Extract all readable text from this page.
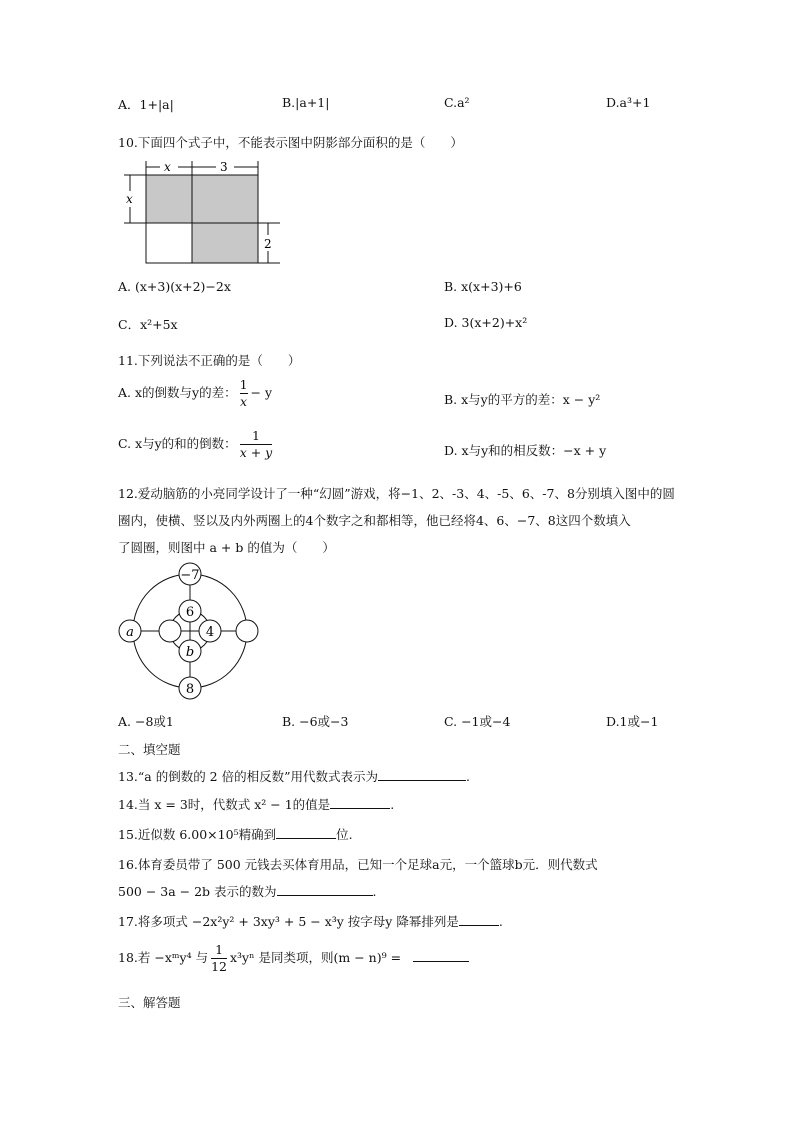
A．1+|a|	B.|a+1|	C.a²	D.a³+1
10.下面四个式子中，不能表示图中阴影部分面积的是（　　）
x	3
x
2
A. (x+3)(x+2)−2x	B. x(x+3)+6
C．x²+5x	D. 3(x+2)+x²
11.下列说法不正确的是（　　）
A. x的倒数与y的差： $\frac{1}{x} - y$	B. x与y的平方的差：x − y²
C. x与y的和的倒数： $\frac{1}{x + y}$	D. x与y和的相反数：−x + y
12.爱动脑筋的小亮同学设计了一种“幻圆”游戏，将−1、2、-3、4、-5、6、-7、8分别填入图中的圆
圈内，使横、竖以及内外两圈上的4个数字之和都相等，他已经将4、6、−7、8这四个数填入
了圆圈，则图中 a + b 的值为（　　）
−7
6
4
a
b
8
A. −8或1	B. −6或−3	C. −1或−4	D.1或−1
二、填空题
13.“a 的倒数的 2 倍的相反数”用代数式表示为	.
14.当 x = 3时，代数式 x² − 1的值是	.
15.近似数 6.00×10⁵精确到	位.
16.体育委员带了 500 元钱去买体育用品，已知一个足球a元，一个篮球b元．则代数式
500 − 3a − 2b 表示的数为	.
17.将多项式 −2x²y² + 3xy³ + 5 − x³y 按字母y 降幂排列是	.
18.若 −xᵐy⁴ 与 $\frac{1}{12} x^3y^n$ 是同类项，则(m − n)⁹ =
三、解答题
